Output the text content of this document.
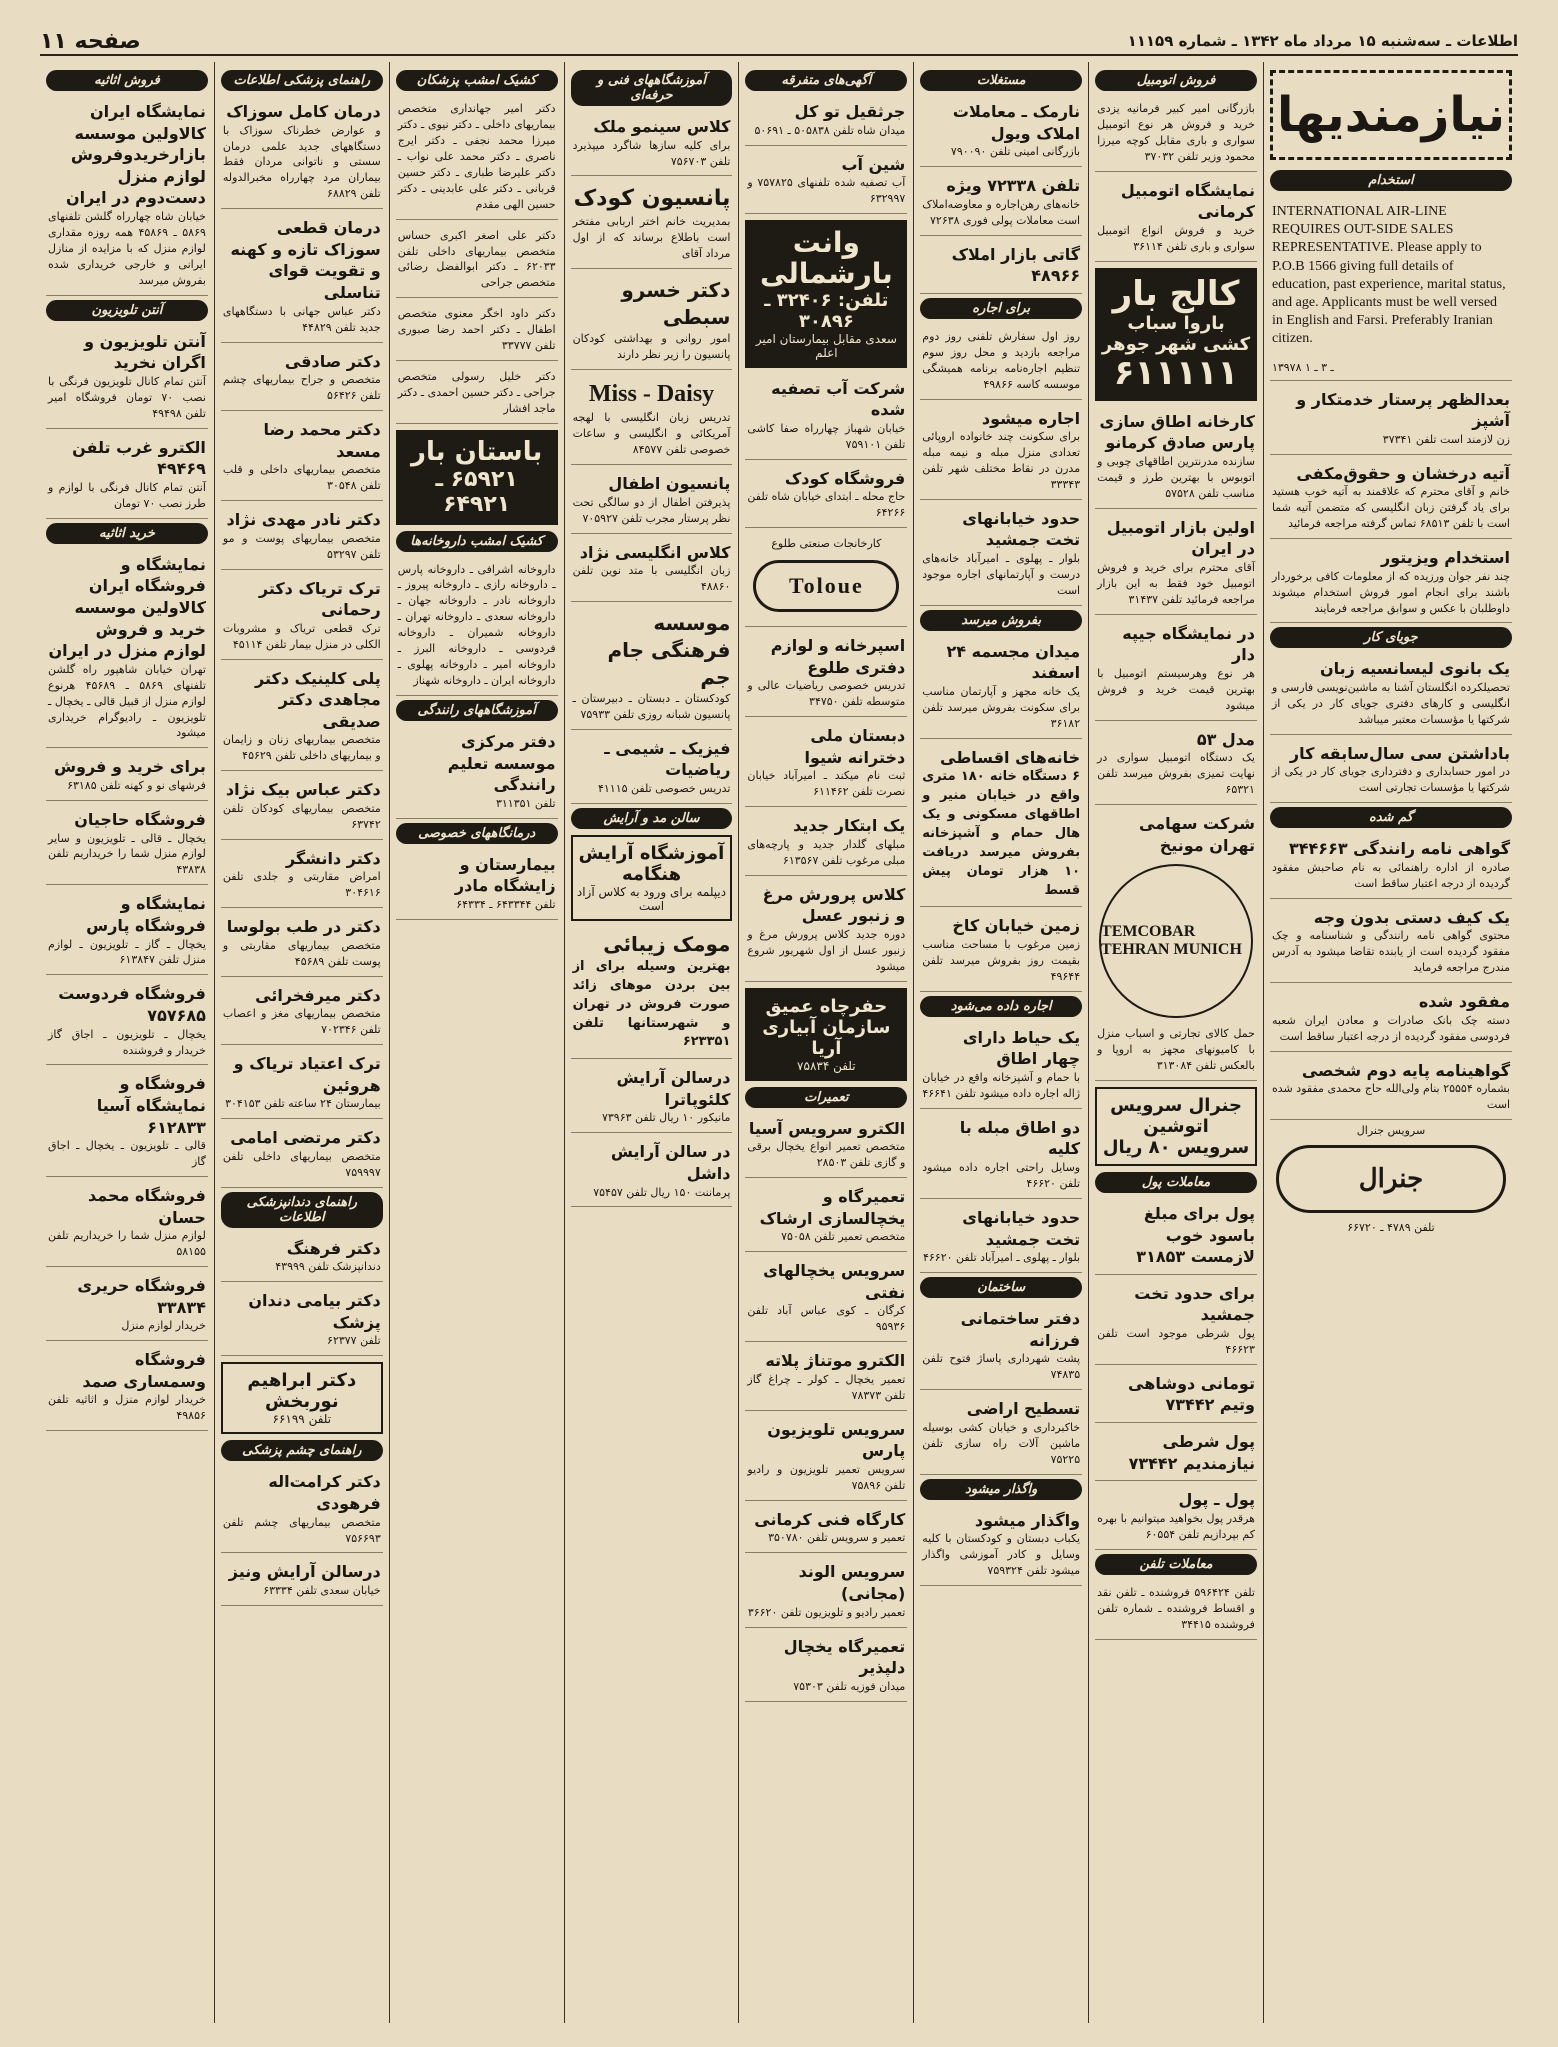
اطلاعات ـ سه‌شنبه ۱۵ مرداد ماه ۱۳۴۲ ـ شماره ۱۱۱۵۹
صفحه ۱۱
نیازمندیها
استخدام
INTERNATIONAL AIR-LINE REQUIRES OUT-SIDE SALES REPRESENTATIVE. Please apply to P.O.B 1566 giving full details of education, past experience, marital status, and age. Applicants must be well versed in English and Farsi. Preferably Iranian citizen.
۱۳۹۷۸ ـ ۳ ـ ۱
بعدالظهر پرستار خدمتکار و آشپز
زن لازمند است تلفن ۳۷۳۴۱
آتیه درخشان و حقوق‌مکفی
خانم و آقای محترم که علاقمند به آتیه خوب هستید برای یاد گرفتن زبان انگلیسی که متضمن آتیه شما است با تلفن ۶۸۵۱۳ تماس گرفته مراجعه فرمائید
استخدام ویزیتور
چند نفر جوان ورزیده که از معلومات کافی برخوردار باشند برای انجام امور فروش استخدام میشوند داوطلبان با عکس و سوابق مراجعه فرمایند
جویای کار
یک بانوی لیسانسیه زبان
تحصیلکرده انگلستان آشنا به ماشین‌نویسی فارسی و انگلیسی و کارهای دفتری جویای کار در یکی از شرکتها یا مؤسسات معتبر میباشد
باداشتن سی سال‌سابقه کار
در امور حسابداری و دفترداری جویای کار در یکی از شرکتها یا مؤسسات تجارتی است
گم شده
گواهی نامه رانندگی ۳۴۴۶۶۳
صادره از اداره راهنمائی به نام صاحبش مفقود گردیده از درجه اعتبار ساقط است
یک کیف دستی بدون وجه
محتوی گواهی نامه رانندگی و شناسنامه و چک مفقود گردیده است از یابنده تقاضا میشود به آدرس مندرج مراجعه فرماید
مفقود شده
دسته چک بانک صادرات و معادن ایران شعبه فردوسی مفقود گردیده از درجه اعتبار ساقط است
گواهینامه پایه دوم شخصی
بشماره ۲۵۵۵۴ بنام ولی‌الله حاج محمدی مفقود شده است
سرویس جنرال
جنرال
تلفن ۴۷۸۹ ـ ۶۶۷۲۰
فروش اتومبیل
بازرگانی امیر کبیر فرمانیه یزدی خرید و فروش هر نوع اتومبیل سواری و باری مقابل کوچه میرزا محمود وزیر تلفن ۳۷۰۳۲
نمایشگاه اتومبیل کرمانی
خرید و فروش انواع اتومبیل سواری و باری تلفن ۳۶۱۱۴
کالج بار
باروا سباب کشی شهر جوهر
۶۱۱۱۱۱
کارخانه اطاق سازی پارس صادق کرمانو
سازنده مدرنترین اطاقهای چوبی و اتوبوس با بهترین طرز و قیمت مناسب تلفن ۵۷۵۲۸
اولین بازار اتومبیل در ایران
آقای محترم برای خرید و فروش اتومبیل خود فقط به این بازار مراجعه فرمائید تلفن ۳۱۴۳۷
در نمایشگاه جیپه دار
هر نوع وهرسیستم اتومبیل با بهترین قیمت خرید و فروش میشود
مدل ۵۳
یک دستگاه اتومبیل سواری در نهایت تمیزی بفروش میرسد تلفن ۶۵۳۲۱
شرکت سهامی تهران مونیخ
TEMCOBAR TEHRAN MUNICH
حمل کالای تجارتی و اسباب منزل با کامیونهای مجهز به اروپا و بالعکس تلفن ۳۱۳۰۸۴
جنرال سرویس اتوشین
سرویس ۸۰ ریال
معاملات پول
پول برای مبلغ باسود خوب لازمست ۳۱۸۵۳
برای حدود تخت جمشید
پول شرطی موجود است تلفن ۴۶۶۲۳
تومانی دوشاهی وتیم ۷۳۴۴۲
پول شرطی نیازمندیم ۷۳۴۴۲
پول ـ پول
هرقدر پول بخواهید میتوانیم با بهره کم بپردازیم تلفن ۶۰۵۵۴
معاملات تلفن
تلفن ۵۹۶۴۲۴ فروشنده ـ تلفن نقد و اقساط فروشنده ـ شماره تلفن فروشنده ۳۴۴۱۵
مستغلات
نارمک ـ معاملات املاک ویول
بازرگانی امینی تلفن ۷۹۰۰۹۰
تلفن ۷۲۳۳۸ ویژه
خانه‌های رهن‌اجاره و معاوضه‌املاک است معاملات پولی فوری ۷۲۶۳۸
گاتی بازار املاک ۴۸۹۶۶
برای اجاره
روز اول سفارش تلفنی روز دوم مراجعه بازدید و محل روز سوم تنظیم اجاره‌نامه برنامه همیشگی موسسه کاسه ۴۹۸۶۶
اجاره میشود
برای سکونت چند خانواده اروپائی تعدادی منزل مبله و نیمه مبله مدرن در نقاط مختلف شهر تلفن ۳۳۳۴۳
حدود خیابانهای تخت جمشید
بلوار ـ پهلوی ـ امیرآباد خانه‌های درست و آپارتمانهای اجاره موجود است
بفروش میرسد
میدان مجسمه ۲۴ اسفند
یک خانه مجهز و آپارتمان مناسب برای سکونت بفروش میرسد تلفن ۳۶۱۸۲
خانه‌های اقساطی
۶ دستگاه خانه ۱۸۰ متری واقع در خیابان منیر و اطاقهای مسکونی و یک هال حمام و آشپزخانه بفروش میرسد دریافت ۱۰ هزار تومان پیش قسط
زمین خیابان کاخ
زمین مرغوب با مساحت مناسب بقیمت روز بفروش میرسد تلفن ۴۹۶۴۴
اجاره داده می‌شود
یک حیاط دارای چهار اطاق
با حمام و آشپزخانه واقع در خیابان ژاله اجاره داده میشود تلفن ۴۶۶۴۱
دو اطاق مبله با کلیه
وسایل راحتی اجاره داده میشود تلفن ۴۶۶۲۰
حدود خیابانهای تخت جمشید
بلوار ـ پهلوی ـ امیرآباد تلفن ۴۶۶۲۰
ساختمان
دفتر ساختمانی فرزانه
پشت شهرداری پاساژ فتوح تلفن ۷۴۸۳۵
تسطیح اراضی
خاکبرداری و خیابان کشی بوسیله ماشین آلات راه سازی تلفن ۷۵۲۲۵
واگذار میشود
واگذار میشود
یکباب دبستان و کودکستان با کلیه وسایل و کادر آموزشی واگذار میشود تلفن ۷۵۹۳۲۴
آگهی‌های متفرقه
جرثقیل تو کل
میدان شاه تلفن ۵۰۵۸۳۸ ـ ۵۰۶۹۱
شین آب
آب تصفیه شده تلفنهای ۷۵۷۸۲۵ و ۶۳۲۹۹۷
وانت بارشمالی
تلفن: ۳۲۴۰۶ ـ ۳۰۸۹۶
سعدی مقابل بیمارستان امیر اعلم
شرکت آب تصفیه شده
خیابان شهباز چهارراه صفا کاشی تلفن ۷۵۹۱۰۱
فروشگاه کودک
حاج محله ـ ابتدای خیابان شاه تلفن ۶۴۲۶۶
کارخانجات صنعتی طلوع
Toloue
اسپرخانه و لوازم دفتری طلوع
تدریس خصوصی ریاضیات عالی و متوسطه تلفن ۳۴۷۵۰
دبستان ملی دخترانه شیوا
ثبت نام میکند ـ امیرآباد خیابان نصرت تلفن ۶۱۱۴۶۲
یک ابتکار جدید
مبلهای گلدار جدید و پارچه‌های مبلی مرغوب تلفن ۶۱۳۵۶۷
کلاس پرورش مرغ و زنبور عسل
دوره جدید کلاس پرورش مرغ و زنبور عسل از اول شهریور شروع میشود
حفرچاه عمیق
سازمان آبیاری آریا
تلفن ۷۵۸۳۴
تعمیرات
الکترو سرویس آسیا
متخصص تعمیر انواع یخچال برقی و گازی تلفن ۲۸۵۰۳
تعمیرگاه و یخچالسازی ارشاک
متخصص تعمیر تلفن ۷۵۰۵۸
سرویس یخچالهای نفتی
کرگان ـ کوی عباس آباد تلفن ۹۵۹۳۶
الکترو موتناژ پلاته
تعمیر یخچال ـ کولر ـ چراغ گاز تلفن ۷۸۳۷۳
سرویس تلویزیون پارس
سرویس تعمیر تلویزیون و رادیو تلفن ۷۵۸۹۶
کارگاه فنی کرمانی
تعمیر و سرویس تلفن ۳۵۰۷۸۰
سرویس الوند (مجانی)
تعمیر رادیو و تلویزیون تلفن ۳۶۶۲۰
تعمیرگاه یخچال دلپذیر
میدان فوزیه تلفن ۷۵۳۰۳
آموزشگاههای فنی و حرفه‌ای
کلاس سینمو ملک
برای کلیه سازها شاگرد میپذیرد تلفن ۷۵۶۷۰۳
پانسیون کودک
بمدیریت خانم اختر اربابی مفتخر است باطلاع برساند که از اول مرداد آقای
دکتر خسرو سبطی
امور روانی و بهداشتی کودکان پانسیون را زیر نظر دارند
Miss - Daisy
تدریس زبان انگلیسی با لهجه آمریکائی و انگلیسی و ساعات خصوصی تلفن ۸۴۵۷۷
پانسیون اطفال
پذیرفتن اطفال از دو سالگی تحت نظر پرستار مجرب تلفن ۷۰۵۹۲۷
کلاس انگلیسی نژاد
زبان انگلیسی با متد نوین تلفن ۴۸۸۶۰
موسسه فرهنگی جام جم
کودکستان ـ دبستان ـ دبیرستان ـ پانسیون شبانه روزی تلفن ۷۵۹۳۳
فیزیک ـ شیمی ـ ریاضیات
تدریس خصوصی تلفن ۴۱۱۱۵
سالن مد و آرایش
آموزشگاه آرایش هنگامه
دیپلمه برای ورود به کلاس آزاد است
مومک زیبائی
بهترین وسیله برای از بین بردن موهای زائد صورت فروش در تهران و شهرستانها تلفن ۶۲۳۳۵۱
درسالن آرایش کلئوپاترا
مانیکور ۱۰ ریال تلفن ۷۳۹۶۳
در سالن آرایش داشل
پرماننت ۱۵۰ ریال تلفن ۷۵۴۵۷
کشیک امشب پزشکان
دکتر امیر جهانداری متخصص بیماریهای داخلی ـ دکتر نیوی ـ دکتر میرزا محمد نجفی ـ دکتر ایرج ناصری ـ دکتر محمد علی نواب ـ دکتر علیرضا طباری ـ دکتر حسین قربانی ـ دکتر علی عابدینی ـ دکتر حسین الهی مقدم
دکتر علی اصغر اکبری حساس متخصص بیماریهای داخلی تلفن ۶۲۰۳۳ ـ دکتر ابوالفضل رضائی متخصص جراحی
دکتر داود اخگر معنوی متخصص اطفال ـ دکتر احمد رضا صبوری تلفن ۳۳۷۷۷
دکتر خلیل رسولی متخصص جراحی ـ دکتر حسین احمدی ـ دکتر ماجد افشار
باستان بار
۶۵۹۲۱ ـ ۶۴۹۲۱
کشیک امشب داروخانه‌ها
داروخانه اشرافی ـ داروخانه پارس ـ داروخانه رازی ـ داروخانه پیروز ـ داروخانه نادر ـ داروخانه جهان ـ داروخانه سعدی ـ داروخانه تهران ـ داروخانه شمیران ـ داروخانه فردوسی ـ داروخانه البرز ـ داروخانه امیر ـ داروخانه پهلوی ـ داروخانه ایران ـ داروخانه شهناز
آموزشگاههای رانندگی
دفتر مرکزی موسسه تعلیم رانندگی
تلفن ۳۱۱۳۵۱
درمانگاههای خصوصی
بیمارستان و زایشگاه مادر
تلفن ۶۴۳۳۴۴ ـ ۶۴۳۳۴
راهنمای پزشکی اطلاعات
درمان کامل سوزاک
و عوارض خطرناک سوزاک با دستگاههای جدید علمی درمان سستی و ناتوانی مردان فقط بیماران مرد چهارراه مخبرالدوله تلفن ۶۸۸۲۹
درمان قطعی سوزاک تازه و کهنه و تقویت قوای تناسلی
دکتر عباس جهانی با دستگاههای جدید تلفن ۴۴۸۲۹
دکتر صادقی
متخصص و جراح بیماریهای چشم تلفن ۵۶۴۲۶
دکتر محمد رضا مسعد
متخصص بیماریهای داخلی و قلب تلفن ۳۰۵۴۸
دکتر نادر مهدی نژاد
متخصص بیماریهای پوست و مو تلفن ۵۳۲۹۷
ترک تریاک دکتر رحمانی
ترک قطعی تریاک و مشروبات الکلی در منزل بیمار تلفن ۴۵۱۱۴
پلی کلینیک دکتر مجاهدی دکتر صدیقی
متخصص بیماریهای زنان و زایمان و بیماریهای داخلی تلفن ۴۵۶۲۹
دکتر عباس بیک نژاد
متخصص بیماریهای کودکان تلفن ۶۳۷۴۲
دکتر دانشگر
امراض مقاربتی و جلدی تلفن ۳۰۴۶۱۶
دکتر در طب بولوسا
متخصص بیماریهای مقاربتی و پوست تلفن ۴۵۶۸۹
دکتر میرفخرائی
متخصص بیماریهای مغز و اعصاب تلفن ۷۰۲۳۴۶
ترک اعتیاد تریاک و هروئین
بیمارستان ۲۴ ساعته تلفن ۳۰۴۱۵۳
دکتر مرتضی امامی
متخصص بیماریهای داخلی تلفن ۷۵۹۹۹۷
راهنمای دندانپزشکی اطلاعات
دکتر فرهنگ
دندانپزشک تلفن ۴۳۹۹۹
دکتر بیامی دندان پزشک
تلفن ۶۲۳۷۷
دکتر ابراهیم نوربخش
تلفن ۶۶۱۹۹
راهنمای چشم پزشکی
دکتر کرامت‌اله فرهودی
متخصص بیماریهای چشم تلفن ۷۵۶۶۹۳
درسالن آرایش ونیز
خیابان سعدی تلفن ۶۳۳۳۴
فروش اثاثیه
نمایشگاه ایران کالاولین موسسه بازارخریدوفروش لوازم منزل دست‌دوم در ایران
خیابان شاه چهارراه گلشن تلفنهای ۵۸۶۹ ـ ۴۵۸۶۹ همه روزه مقداری لوازم منزل که با مزایده از منازل ایرانی و خارجی خریداری شده بفروش میرسد
آنتن تلویزیون
آنتن تلویزیون و اگران نخرید
آنتن تمام کانال تلویزیون فرنگی با نصب ۷۰ تومان فروشگاه امیر تلفن ۴۹۴۹۸
الکترو غرب تلفن ۴۹۴۶۹
آنتن تمام کانال فرنگی با لوازم و طرز نصب ۷۰ تومان
خرید اثاثیه
نمایشگاه و فروشگاه ایران کالاولین موسسه خرید و فروش لوازم منزل در ایران
تهران خیابان شاهپور راه گلشن تلفنهای ۵۸۶۹ ـ ۴۵۶۸۹ هرنوع لوازم منزل از قبیل قالی ـ یخچال ـ تلویزیون ـ رادیوگرام خریداری میشود
برای خرید و فروش
فرشهای نو و کهنه تلفن ۶۳۱۸۵
فروشگاه حاجیان
یخچال ـ قالی ـ تلویزیون و سایر لوازم منزل شما را خریداریم تلفن ۴۳۸۳۸
نمایشگاه و فروشگاه پارس
یخچال ـ گاز ـ تلویزیون ـ لوازم منزل تلفن ۶۱۳۸۴۷
فروشگاه فردوست ۷۵۷۶۸۵
یخچال ـ تلویزیون ـ اجاق گاز خریدار و فروشنده
فروشگاه و نمایشگاه آسیا ۶۱۲۸۳۳
قالی ـ تلویزیون ـ یخچال ـ اجاق گاز
فروشگاه محمد حسان
لوازم منزل شما را خریداریم تلفن ۵۸۱۵۵
فروشگاه حریری ۳۳۸۳۴
خریدار لوازم منزل
فروشگاه وسمساری صمد
خریدار لوازم منزل و اثاثیه تلفن ۴۹۸۵۶
